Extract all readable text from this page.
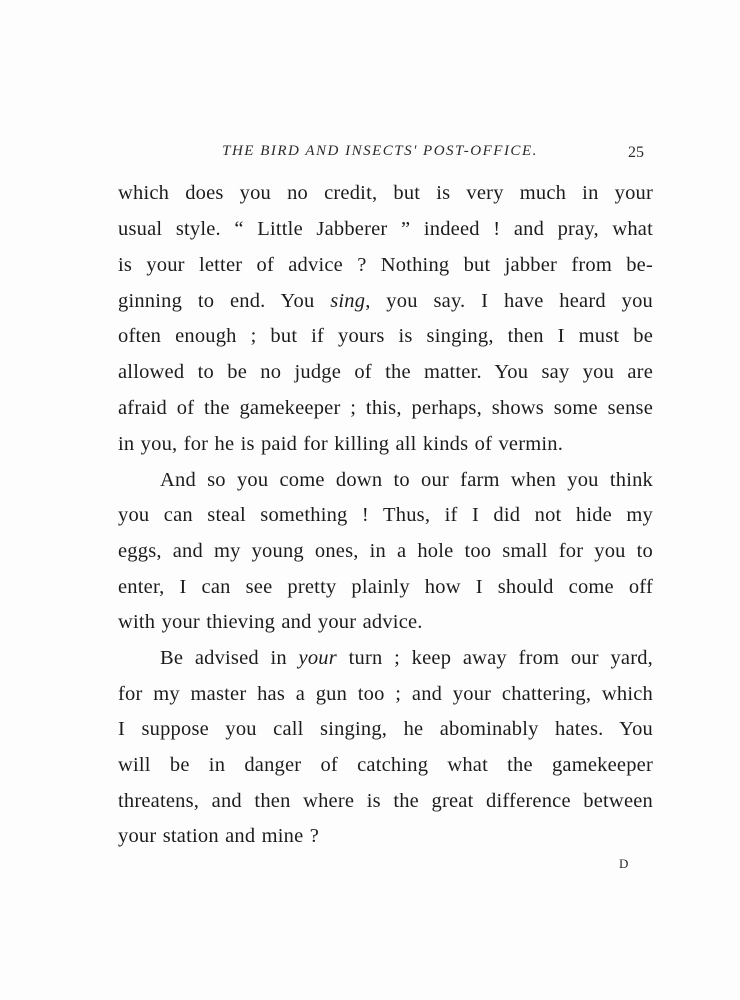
THE BIRD AND INSECTS' POST-OFFICE.	25
which does you no credit, but is very much in your
usual style. “ Little Jabberer ” indeed ! and pray, what
is your letter of advice ? Nothing but jabber from be-
ginning to end. You sing, you say. I have heard you
often enough ; but if yours is singing, then I must be
allowed to be no judge of the matter. You say you are
afraid of the gamekeeper ; this, perhaps, shows some sense
in you, for he is paid for killing all kinds of vermin.
And so you come down to our farm when you think
you can steal something ! Thus, if I did not hide my
eggs, and my young ones, in a hole too small for you to
enter, I can see pretty plainly how I should come off
with your thieving and your advice.
Be advised in your turn ; keep away from our yard,
for my master has a gun too ; and your chattering, which
I suppose you call singing, he abominably hates. You
will be in danger of catching what the gamekeeper
threatens, and then where is the great difference between
your station and mine ?
D
